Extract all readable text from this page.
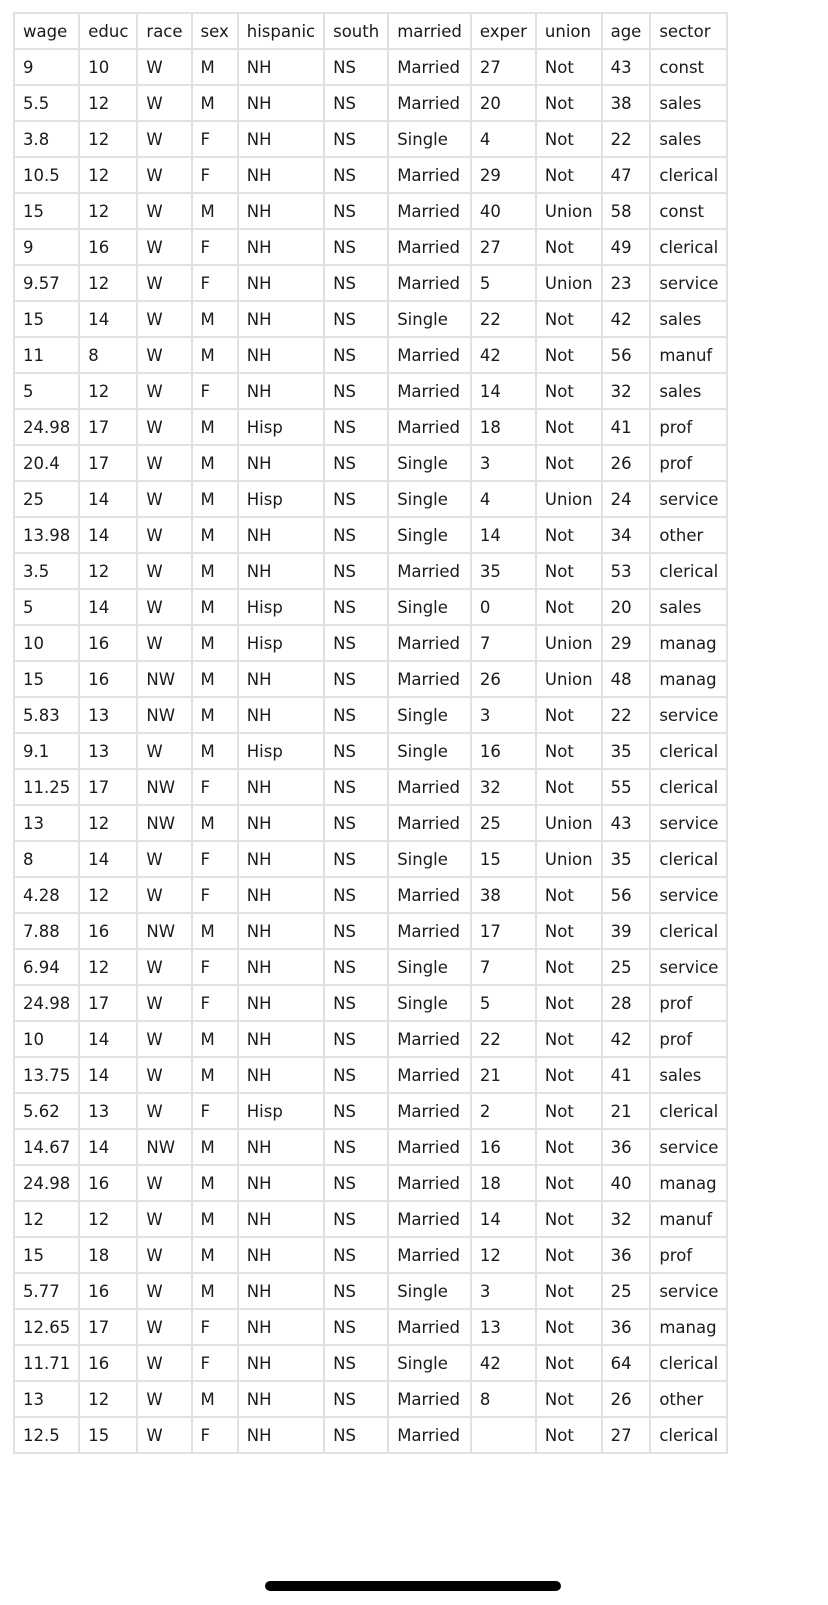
wage	educ	race	sex	hispanic	south	married	exper	union	age	sector
9	10	W	M	NH	NS	Married	27	Not	43	const
5.5	12	W	M	NH	NS	Married	20	Not	38	sales
3.8	12	W	F	NH	NS	Single	4	Not	22	sales
10.5	12	W	F	NH	NS	Married	29	Not	47	clerical
15	12	W	M	NH	NS	Married	40	Union	58	const
9	16	W	F	NH	NS	Married	27	Not	49	clerical
9.57	12	W	F	NH	NS	Married	5	Union	23	service
15	14	W	M	NH	NS	Single	22	Not	42	sales
11	8	W	M	NH	NS	Married	42	Not	56	manuf
5	12	W	F	NH	NS	Married	14	Not	32	sales
24.98	17	W	M	Hisp	NS	Married	18	Not	41	prof
20.4	17	W	M	NH	NS	Single	3	Not	26	prof
25	14	W	M	Hisp	NS	Single	4	Union	24	service
13.98	14	W	M	NH	NS	Single	14	Not	34	other
3.5	12	W	M	NH	NS	Married	35	Not	53	clerical
5	14	W	M	Hisp	NS	Single	0	Not	20	sales
10	16	W	M	Hisp	NS	Married	7	Union	29	manag
15	16	NW	M	NH	NS	Married	26	Union	48	manag
5.83	13	NW	M	NH	NS	Single	3	Not	22	service
9.1	13	W	M	Hisp	NS	Single	16	Not	35	clerical
11.25	17	NW	F	NH	NS	Married	32	Not	55	clerical
13	12	NW	M	NH	NS	Married	25	Union	43	service
8	14	W	F	NH	NS	Single	15	Union	35	clerical
4.28	12	W	F	NH	NS	Married	38	Not	56	service
7.88	16	NW	M	NH	NS	Married	17	Not	39	clerical
6.94	12	W	F	NH	NS	Single	7	Not	25	service
24.98	17	W	F	NH	NS	Single	5	Not	28	prof
10	14	W	M	NH	NS	Married	22	Not	42	prof
13.75	14	W	M	NH	NS	Married	21	Not	41	sales
5.62	13	W	F	Hisp	NS	Married	2	Not	21	clerical
14.67	14	NW	M	NH	NS	Married	16	Not	36	service
24.98	16	W	M	NH	NS	Married	18	Not	40	manag
12	12	W	M	NH	NS	Married	14	Not	32	manuf
15	18	W	M	NH	NS	Married	12	Not	36	prof
5.77	16	W	M	NH	NS	Single	3	Not	25	service
12.65	17	W	F	NH	NS	Married	13	Not	36	manag
11.71	16	W	F	NH	NS	Single	42	Not	64	clerical
13	12	W	M	NH	NS	Married	8	Not	26	other
12.5	15	W	F	NH	NS	Married		Not	27	clerical
